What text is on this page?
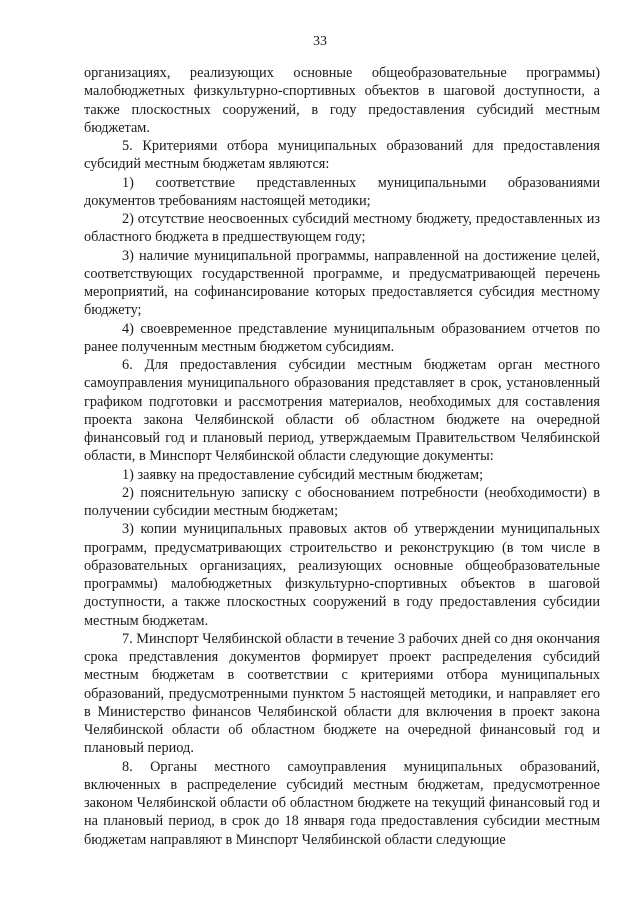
33

организациях, реализующих основные общеобразовательные программы) малобюджетных физкультурно-спортивных объектов в шаговой доступности, а также плоскостных сооружений, в году предоставления субсидий местным бюджетам.

5. Критериями отбора муниципальных образований для предоставления субсидий местным бюджетам являются:

1) соответствие представленных муниципальными образованиями документов требованиям настоящей методики;

2) отсутствие неосвоенных субсидий местному бюджету, предоставленных из областного бюджета в предшествующем году;

3) наличие муниципальной программы, направленной на достижение целей, соответствующих государственной программе, и предусматривающей перечень мероприятий, на софинансирование которых предоставляется субсидия местному бюджету;

4) своевременное представление муниципальным образованием отчетов по ранее полученным местным бюджетом субсидиям.

6. Для предоставления субсидии местным бюджетам орган местного самоуправления муниципального образования представляет в срок, установленный графиком подготовки и рассмотрения материалов, необходимых для составления проекта закона Челябинской области об областном бюджете на очередной финансовый год и плановый период, утверждаемым Правительством Челябинской области, в Минспорт Челябинской области следующие документы:

1) заявку на предоставление субсидий местным бюджетам;

2) пояснительную записку с обоснованием потребности (необходимости) в получении субсидии местным бюджетам;

3) копии муниципальных правовых актов об утверждении муниципальных программ, предусматривающих строительство и реконструкцию (в том числе в образовательных организациях, реализующих основные общеобразовательные программы) малобюджетных физкультурно-спортивных объектов в шаговой доступности, а также плоскостных сооружений в году предоставления субсидии местным бюджетам.

7. Минспорт Челябинской области в течение 3 рабочих дней со дня окончания срока представления документов формирует проект распределения субсидий местным бюджетам в соответствии с критериями отбора муниципальных образований, предусмотренными пунктом 5 настоящей методики, и направляет его в Министерство финансов Челябинской области для включения в проект закона Челябинской области об областном бюджете на очередной финансовый год и плановый период.

8. Органы местного самоуправления муниципальных образований, включенных в распределение субсидий местным бюджетам, предусмотренное законом Челябинской области об областном бюджете на текущий финансовый год и на плановый период, в срок до 18 января года предоставления субсидии местным бюджетам направляют в Минспорт Челябинской области следующие
